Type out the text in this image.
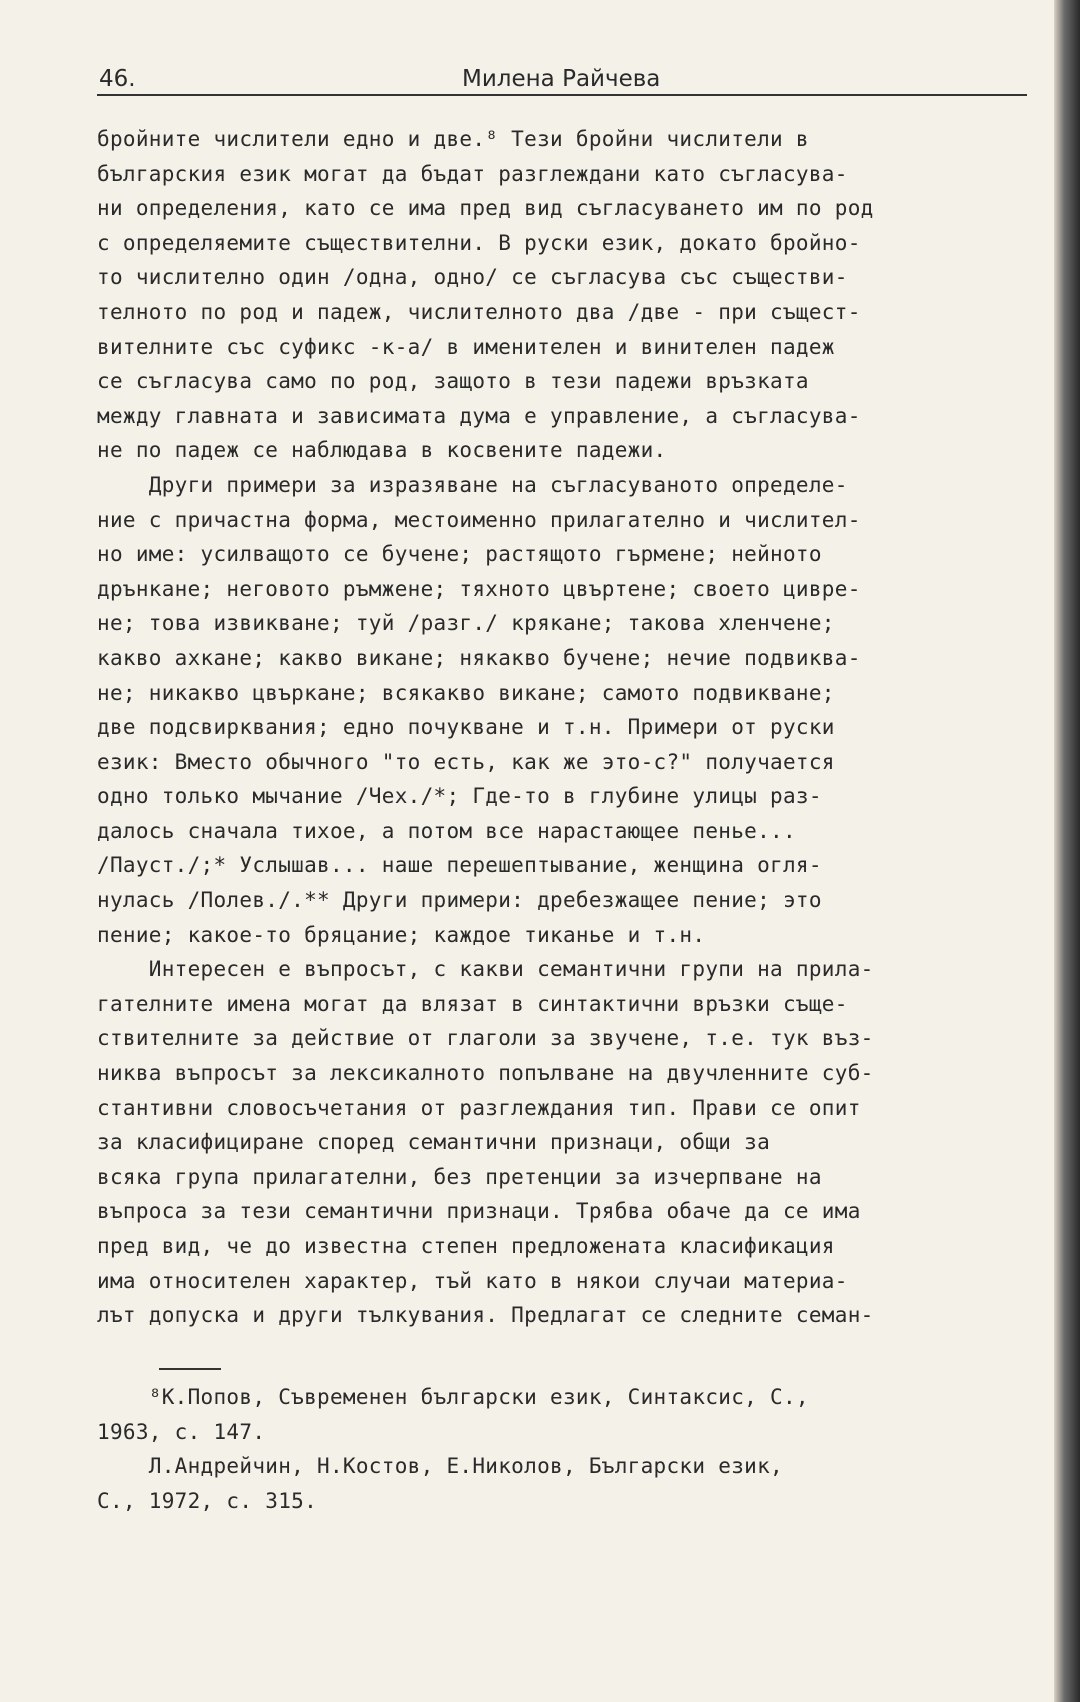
46.	Милена Райчева
бройните числители едно и две.⁸ Тези бройни числители в
българския език могат да бъдат разглеждани като съгласува-
ни определения, като се има пред вид съгласуването им по род
с определяемите съществителни. В руски език, докато бройно-
то числително один /одна, одно/ се съгласува със съществи-
телното по род и падеж, числителното два /две - при същест-
вителните със суфикс -к-а/ в именителен и винителен падеж
се съгласува само по род, защото в тези падежи връзката
между главната и зависимата дума е управление, а съгласува-
не по падеж се наблюдава в косвените падежи.
Други примери за изразяване на съгласуваното определе-
ние с причастна форма, местоименно прилагателно и числител-
но име: усилващото се бучене; растящото гърмене; нейното
дрънкане; неговото ръмжене; тяхното цвъртене; своето цивре-
не; това извикване; туй /разг./ крякане; такова хленчене;
какво ахкане; какво викане; някакво бучене; нечие подвиква-
не; никакво цвъркане; всякакво викане; самото подвикване;
две подсвирквания; едно почукване и т.н. Примери от руски
език: Вместо обычного "то есть, как же это-с?" получается
одно только мычание /Чех./*; Где-то в глубине улицы раз-
далось сначала тихое, а потом все нарастающее пенье...
/Пауст./;* Услышав... наше перешептывание, женщина огля-
нулась /Полев./.** Други примери: дребезжащее пение; это
пение; какое-то бряцание; каждое тиканье и т.н.
Интересен е въпросът, с какви семантични групи на прила-
гателните имена могат да влязат в синтактични връзки съще-
ствителните за действие от глаголи за звучене, т.е. тук въз-
никва въпросът за лексикалното попълване на двучленните суб-
стантивни словосъчетания от разглеждания тип. Прави се опит
за класифициране според семантични признаци, общи за
всяка група прилагателни, без претенции за изчерпване на
въпроса за тези семантични признаци. Трябва обаче да се има
пред вид, че до известна степен предложената класификация
има относителен характер, тъй като в някои случаи материа-
лът допуска и други тълкувания. Предлагат се следните семан-
⁸К.Попов, Съвременен български език, Синтаксис, С.,
1963, с. 147.
Л.Андрейчин, Н.Костов, Е.Николов, Български език,
С., 1972, с. 315.
